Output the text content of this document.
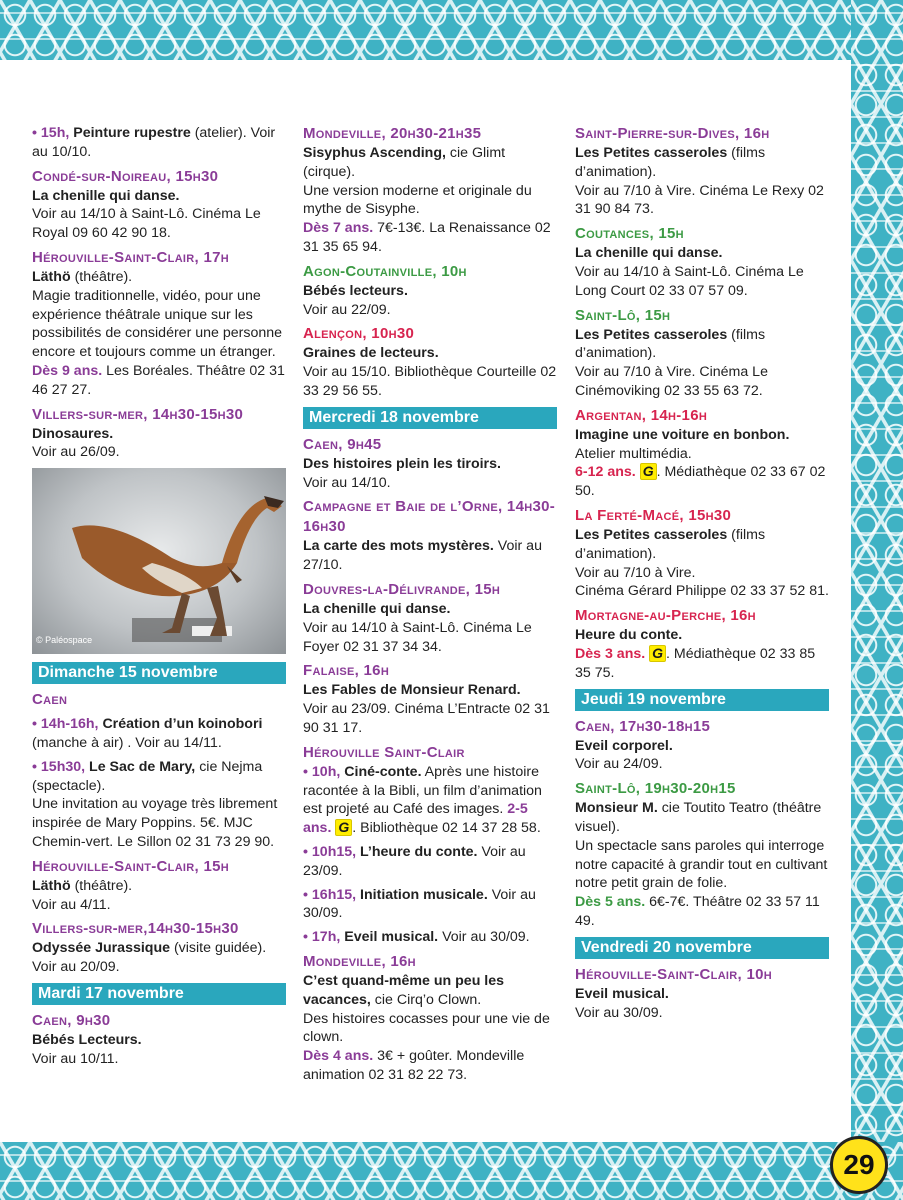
• 15h, Peinture rupestre (atelier). Voir au 10/10.
Condé-sur-Noireau, 15h30
La chenille qui danse.
Voir au 14/10 à Saint-Lô. Cinéma Le Royal 09 60 42 90 18.
Hérouville-Saint-Clair, 17h
Läthö (théâtre).
Magie traditionnelle, vidéo, pour une expérience théâtrale unique sur les possibilités de considérer une personne encore et toujours comme un étranger.
Dès 9 ans. Les Boréales. Théâtre 02 31 46 27 27.
Villers-sur-mer, 14h30-15h30
Dinosaures.
Voir au 26/09.
© Paléospace
Dimanche 15 novembre
Caen
• 14h-16h, Création d’un koinobori (manche à air) . Voir au 14/11.
• 15h30, Le Sac de Mary, cie Nejma (spectacle).
Une invitation au voyage très librement inspirée de Mary Poppins. 5€. MJC Chemin-vert. Le Sillon 02 31 73 29 90.
Hérouville-Saint-Clair, 15h
Läthö (théâtre).
Voir au 4/11.
Villers-sur-mer,14h30-15h30
Odyssée Jurassique (visite guidée). Voir au 20/09.
Mardi 17 novembre
Caen, 9h30
Bébés Lecteurs.
Voir au 10/11.
Mondeville, 20h30-21h35
Sisyphus Ascending, cie Glimt (cirque).
Une version moderne et originale du mythe de Sisyphe.
Dès 7 ans. 7€-13€. La Renaissance 02 31 35 65 94.
Agon-Coutainville, 10h
Bébés lecteurs.
Voir au 22/09.
Alençon, 10h30
Graines de lecteurs.
Voir au 15/10. Bibliothèque Courteille 02 33 29 56 55.
Mercredi 18 novembre
Caen, 9h45
Des histoires plein les tiroirs.
Voir au 14/10.
Campagne et Baie de l’Orne, 14h30-16h30
La carte des mots mystères. Voir au 27/10.
Douvres-la-Délivrande, 15h
La chenille qui danse.
Voir au 14/10 à Saint-Lô. Cinéma Le Foyer 02 31 37 34 34.
Falaise, 16h
Les Fables de Monsieur Renard.
Voir au 23/09. Cinéma L’Entracte 02 31 90 31 17.
Hérouville Saint-Clair
• 10h, Ciné-conte. Après une histoire racontée à la Bibli, un film d’animation est projeté au Café des images. 2-5 ans. G . Bibliothèque 02 14 37 28 58.
• 10h15, L’heure du conte. Voir au 23/09.
• 16h15, Initiation musicale. Voir au 30/09.
• 17h, Eveil musical. Voir au 30/09.
Mondeville, 16h
C’est quand-même un peu les vacances, cie Cirq’o Clown.
Des histoires cocasses pour une vie de clown.
Dès 4 ans. 3€ + goûter. Mondeville animation 02 31 82 22 73.
Saint-Pierre-sur-Dives, 16h
Les Petites casseroles (films d’animation).
Voir au 7/10 à Vire. Cinéma Le Rexy 02 31 90 84 73.
Coutances, 15h
La chenille qui danse.
Voir au 14/10 à Saint-Lô. Cinéma Le Long Court 02 33 07 57 09.
Saint-Lô, 15h
Les Petites casseroles (films d’animation).
Voir au 7/10 à Vire. Cinéma Le Cinémoviking 02 33 55 63 72.
Argentan, 14h-16h
Imagine une voiture en bonbon.
Atelier multimédia.
6-12 ans. G . Médiathèque 02 33 67 02 50.
La Ferté-Macé, 15h30
Les Petites casseroles (films d’animation).
Voir au 7/10 à Vire.
Cinéma Gérard Philippe 02 33 37 52 81.
Mortagne-au-Perche, 16h
Heure du conte.
Dès 3 ans. G . Médiathèque 02 33 85 35 75.
Jeudi 19 novembre
Caen, 17h30-18h15
Eveil corporel.
Voir au 24/09.
Saint-Lô, 19h30-20h15
Monsieur M. cie Toutito Teatro (théâtre visuel).
Un spectacle sans paroles qui interroge notre capacité à grandir tout en cultivant notre petit grain de folie.
Dès 5 ans. 6€-7€. Théâtre 02 33 57 11 49.
Vendredi 20 novembre
Hérouville-Saint-Clair, 10h
Eveil musical.
Voir au 30/09.
29
